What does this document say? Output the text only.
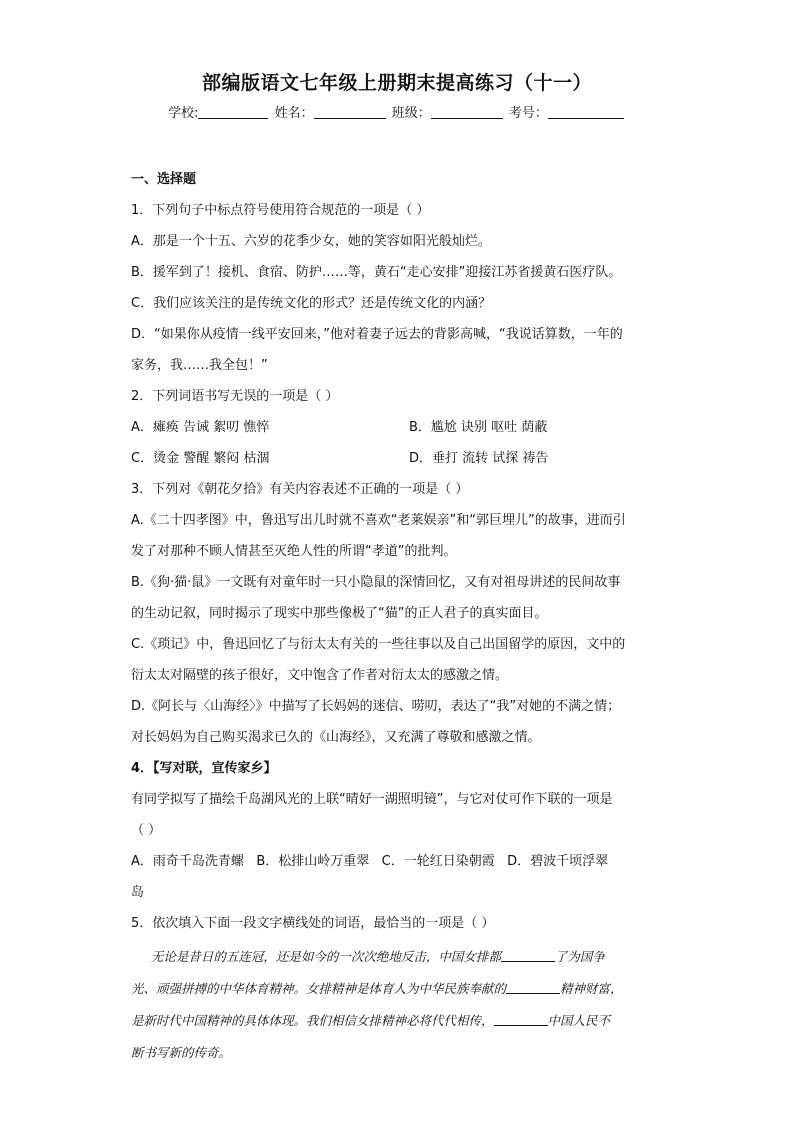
部编版语文七年级上册期末提高练习（十一）
学校:	姓名：	班级：	考号：

一、选择题

1．下列句子中标点符号使用符合规范的一项是（ ）

A．那是一个十五、六岁的花季少女，她的笑容如阳光般灿烂。

B．援军到了！接机、食宿、防护……等，黄石“走心安排”迎接江苏省援黄石医疗队。

C．我们应该关注的是传统文化的形式？还是传统文化的内涵？

D．“如果你从疫情一线平安回来，”他对着妻子远去的背影高喊，“我说话算数，一年的

家务，我……我全包！”

2．下列词语书写无误的一项是（ ）

A．瘫痪 告诫 絮叨 憔悴	B．尴尬 诀别 呕吐 荫蔽

C．烫金 警醒 繁闷 枯涸	D．垂打 流转 试探 祷告

3．下列对《朝花夕拾》有关内容表述不正确的一项是（ ）

A.《二十四孝图》中，鲁迅写出儿时就不喜欢“老莱娱亲”和“郭巨埋儿”的故事，进而引

发了对那种不顾人情甚至灭绝人性的所谓“孝道”的批判。

B.《狗·猫·鼠》一文既有对童年时一只小隐鼠的深情回忆，又有对祖母讲述的民间故事

的生动记叙，同时揭示了现实中那些像极了“猫”的正人君子的真实面目。

C.《琐记》中，鲁迅回忆了与衍太太有关的一些往事以及自己出国留学的原因，文中的

衍太太对隔壁的孩子很好，文中饱含了作者对衍太太的感激之情。

D.《阿长与〈山海经〉》中描写了长妈妈的迷信、唠叨，表达了“我”对她的不满之情；

对长妈妈为自己购买渴求已久的《山海经》，又充满了尊敬和感激之情。

4．【写对联，宣传家乡】

有同学拟写了描绘千岛湖风光的上联“晴好一湖照明镜”，与它对仗可作下联的一项是

（ ）

A．雨奇千岛洗青螺 B．松排山岭万重翠 C．一轮红日染朝霞 D．碧波千顷浮翠

岛

5．依次填入下面一段文字横线处的词语，最恰当的一项是（ ）

无论是昔日的五连冠，还是如今的一次次绝地反击，中国女排都	了为国争

光、顽强拼搏的中华体育精神。女排精神是体育人为中华民族奉献的	精神财富，

是新时代中国精神的具体体现。我们相信女排精神必将代代相传，	中国人民不

断书写新的传奇。
